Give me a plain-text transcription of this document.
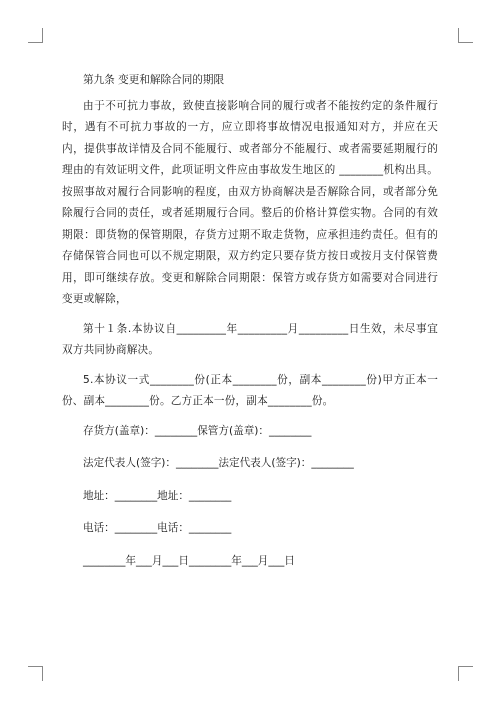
第九条 变更和解除合同的期限

由于不可抗力事故，致使直接影响合同的履行或者不能按约定的条件履行时，遇有不可抗力事故的一方，应立即将事故情况电报通知对方，并应在天内，提供事故详情及合同不能履行、或者部分不能履行、或者需要延期履行的理由的有效证明文件，此项证明文件应由事故发生地区的 ________机构出具。按照事故对履行合同影响的程度，由双方协商解决是否解除合同，或者部分免除履行合同的责任，或者延期履行合同。整后的价格计算偿实物。合同的有效期限：即货物的保管期限，存货方过期不取走货物，应承担违约责任。但有的存储保管合同也可以不规定期限，双方约定只要存货方按日或按月支付保管费用，即可继续存放。变更和解除合同期限：保管方或存货方如需要对合同进行变更或解除，

第十１条.本协议自_________年_________月_________日生效，未尽事宜双方共同协商解决。

5.本协议一式________份(正本________份，副本________份)甲方正本一份、副本________份。乙方正本一份，副本________份。

存货方(盖章)：________保管方(盖章)：________

法定代表人(签字)：________法定代表人(签字)：________

地址：________地址：________

电话：________电话：________

________年___月___日________年___月___日
